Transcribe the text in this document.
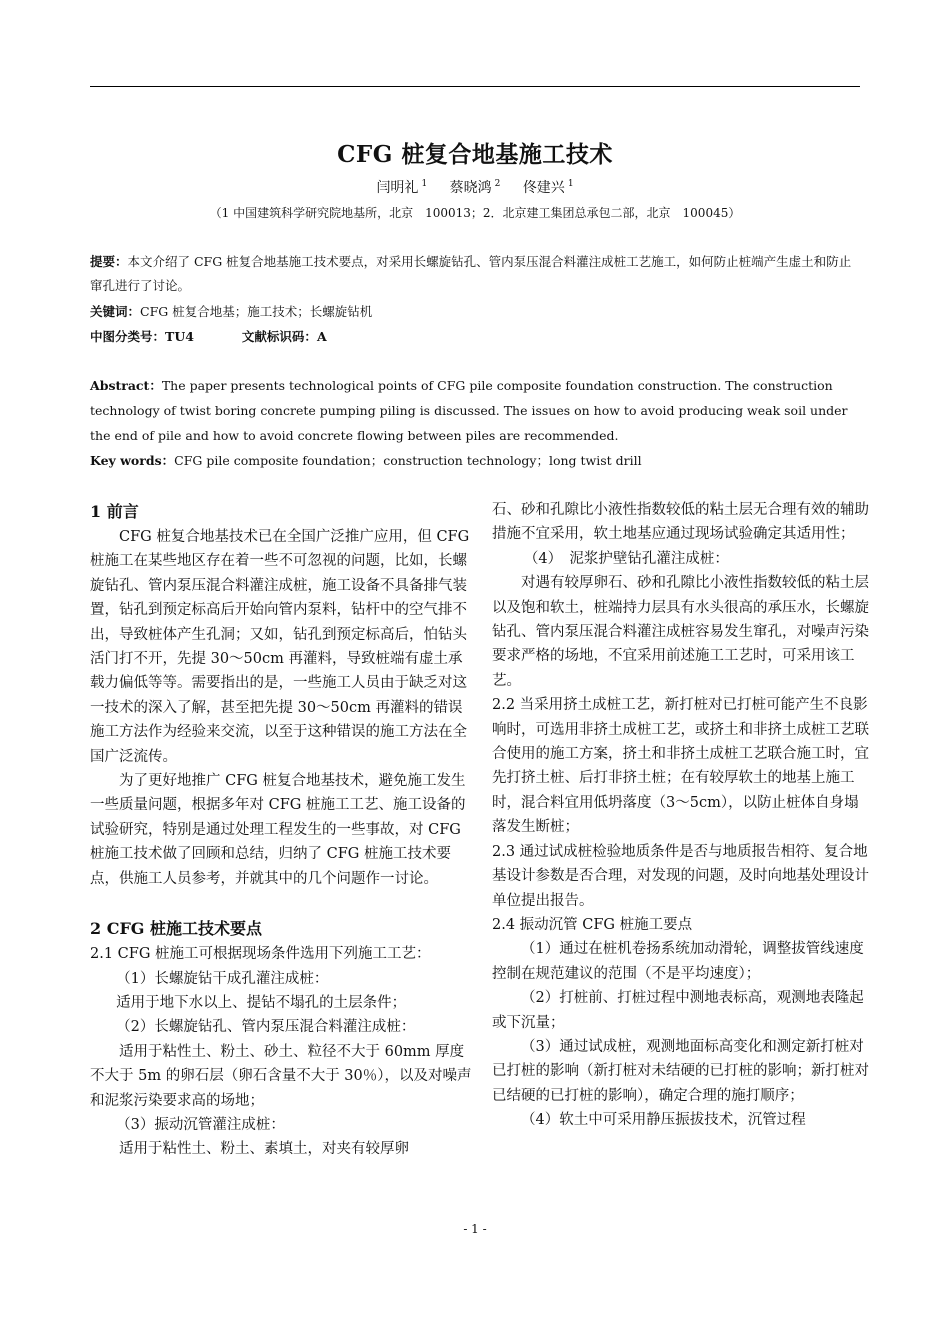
CFG 桩复合地基施工技术
闫明礼 $^1$ 蔡晓鸿 $^2$ 佟建兴 $^1$
（1 中国建筑科学研究院地基所，北京　100013；2．北京建工集团总承包二部，北京　100045）
提要：本文介绍了 CFG 桩复合地基施工技术要点，对采用长螺旋钻孔、管内泵压混合料灌注成桩工艺施工，如何防止桩端产生虚土和防止窜孔进行了讨论。
关键词：CFG 桩复合地基；施工技术；长螺旋钻机
中图分类号：TU4	文献标识码：A
Abstract：The paper presents technological points of CFG pile composite foundation construction. The construction technology of twist boring concrete pumping piling is discussed. The issues on how to avoid producing weak soil under the end of pile and how to avoid concrete flowing between piles are recommended.
Key words：CFG pile composite foundation；construction technology；long twist drill

1 前言

CFG 桩复合地基技术已在全国广泛推广应用，但 CFG 桩施工在某些地区存在着一些不可忽视的问题，比如，长螺旋钻孔、管内泵压混合料灌注成桩，施工设备不具备排气装置，钻孔到预定标高后开始向管内泵料，钻杆中的空气排不出，导致桩体产生孔洞；又如，钻孔到预定标高后，怕钻头活门打不开，先提 30～50cm 再灌料，导致桩端有虚土承载力偏低等等。需要指出的是，一些施工人员由于缺乏对这一技术的深入了解，甚至把先提 30～50cm 再灌料的错误施工方法作为经验来交流，以至于这种错误的施工方法在全国广泛流传。

为了更好地推广 CFG 桩复合地基技术，避免施工发生一些质量问题，根据多年对 CFG 桩施工工艺、施工设备的试验研究，特别是通过处理工程发生的一些事故，对 CFG 桩施工技术做了回顾和总结，归纳了 CFG 桩施工技术要点，供施工人员参考，并就其中的几个问题作一讨论。

2 CFG 桩施工技术要点

2.1 CFG 桩施工可根据现场条件选用下列施工工艺：

（1）长螺旋钻干成孔灌注成桩：

适用于地下水以上、提钻不塌孔的土层条件；

（2）长螺旋钻孔、管内泵压混合料灌注成桩：

适用于粘性土、粉土、砂土、粒径不大于 60mm 厚度不大于 5m 的卵石层（卵石含量不大于 30％），以及对噪声和泥浆污染要求高的场地；

（3）振动沉管灌注成桩：

适用于粘性土、粉土、素填土，对夹有较厚卵

石、砂和孔隙比小液性指数较低的粘土层无合理有效的辅助措施不宜采用，软土地基应通过现场试验确定其适用性；

（4）　泥浆护壁钻孔灌注成桩：

对遇有较厚卵石、砂和孔隙比小液性指数较低的粘土层以及饱和软土，桩端持力层具有水头很高的承压水，长螺旋钻孔、管内泵压混合料灌注成桩容易发生窜孔，对噪声污染要求严格的场地，不宜采用前述施工工艺时，可采用该工艺。

2.2 当采用挤土成桩工艺，新打桩对已打桩可能产生不良影响时，可选用非挤土成桩工艺，或挤土和非挤土成桩工艺联合使用的施工方案，挤土和非挤土成桩工艺联合施工时，宜先打挤土桩、后打非挤土桩；在有较厚软土的地基上施工时，混合料宜用低坍落度（3～5cm），以防止桩体自身塌落发生断桩；

2.3 通过试成桩检验地质条件是否与地质报告相符、复合地基设计参数是否合理，对发现的问题，及时向地基处理设计单位提出报告。

2.4 振动沉管 CFG 桩施工要点

（1）通过在桩机卷扬系统加动滑轮，调整拔管线速度控制在规范建议的范围（不是平均速度）；

（2）打桩前、打桩过程中测地表标高，观测地表隆起或下沉量；

（3）通过试成桩，观测地面标高变化和测定新打桩对已打桩的影响（新打桩对未结硬的已打桩的影响；新打桩对已结硬的已打桩的影响），确定合理的施打顺序；

（4）软土中可采用静压振拔技术，沉管过程

- 1 -
